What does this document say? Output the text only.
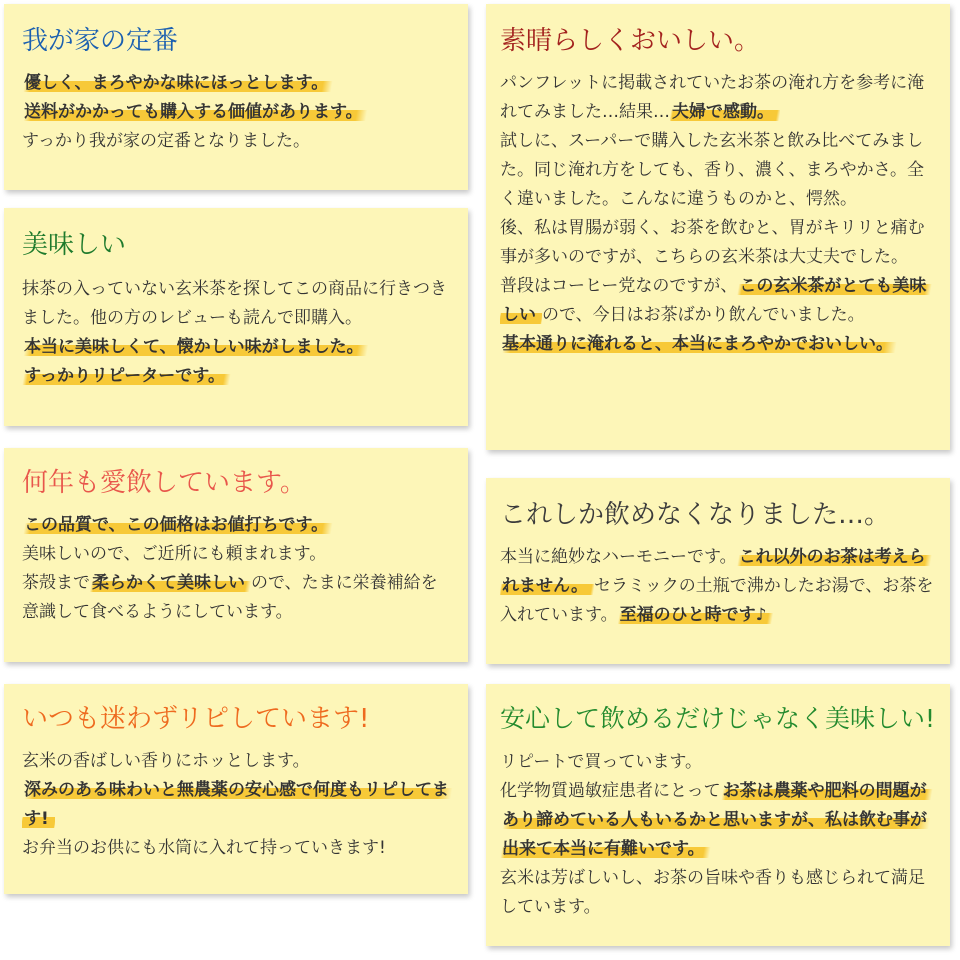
我が家の定番

優しく、まろやかな味にほっとします。

送料がかかっても購入する価値があります。

すっかり我が家の定番となりました。

美味しい

抹茶の入っていない玄米茶を探してこの商品に行きつきました。他の方のレビューも読んで即購入。

本当に美味しくて、懐かしい味がしました。

すっかりリピーターです。

何年も愛飲しています。

この品質で、この価格はお値打ちです。

美味しいので、ご近所にも頼まれます。

茶殻まで 柔らかくて美味しい ので、たまに栄養補給を意識して食べるようにしています。

いつも迷わずリピしています!

玄米の香ばしい香りにホッとします。

深みのある味わいと無農薬の安心感で何度もリピしてます!

お弁当のお供にも水筒に入れて持っていきます!

素晴らしくおいしい。

パンフレットに掲載されていたお茶の淹れ方を参考に淹れてみました…結果… 夫婦で感動。

試しに、スーパーで購入した玄米茶と飲み比べてみました。同じ淹れ方をしても、香り、濃く、まろやかさ。全く違いました。こんなに違うものかと、愕然。

後、私は胃腸が弱く、お茶を飲むと、胃がキリリと痛む事が多いのですが、こちらの玄米茶は大丈夫でした。

普段はコーヒー党なのですが、 この玄米茶がとても美味しい ので、今日はお茶ばかり飲んでいました。

基本通りに淹れると、本当にまろやかでおいしい。

これしか飲めなくなりました…。

本当に絶妙なハーモニーです。 これ以外のお茶は考えられません。 セラミックの土瓶で沸かしたお湯で、お茶を入れています。 至福のひと時です♪

安心して飲めるだけじゃなく美味しい!

リピートで買っています。

化学物質過敏症患者にとって お茶は農薬や肥料の問題があり諦めている人もいるかと思いますが、私は飲む事が出来て本当に有難いです。

玄米は芳ばしいし、お茶の旨味や香りも感じられて満足しています。
